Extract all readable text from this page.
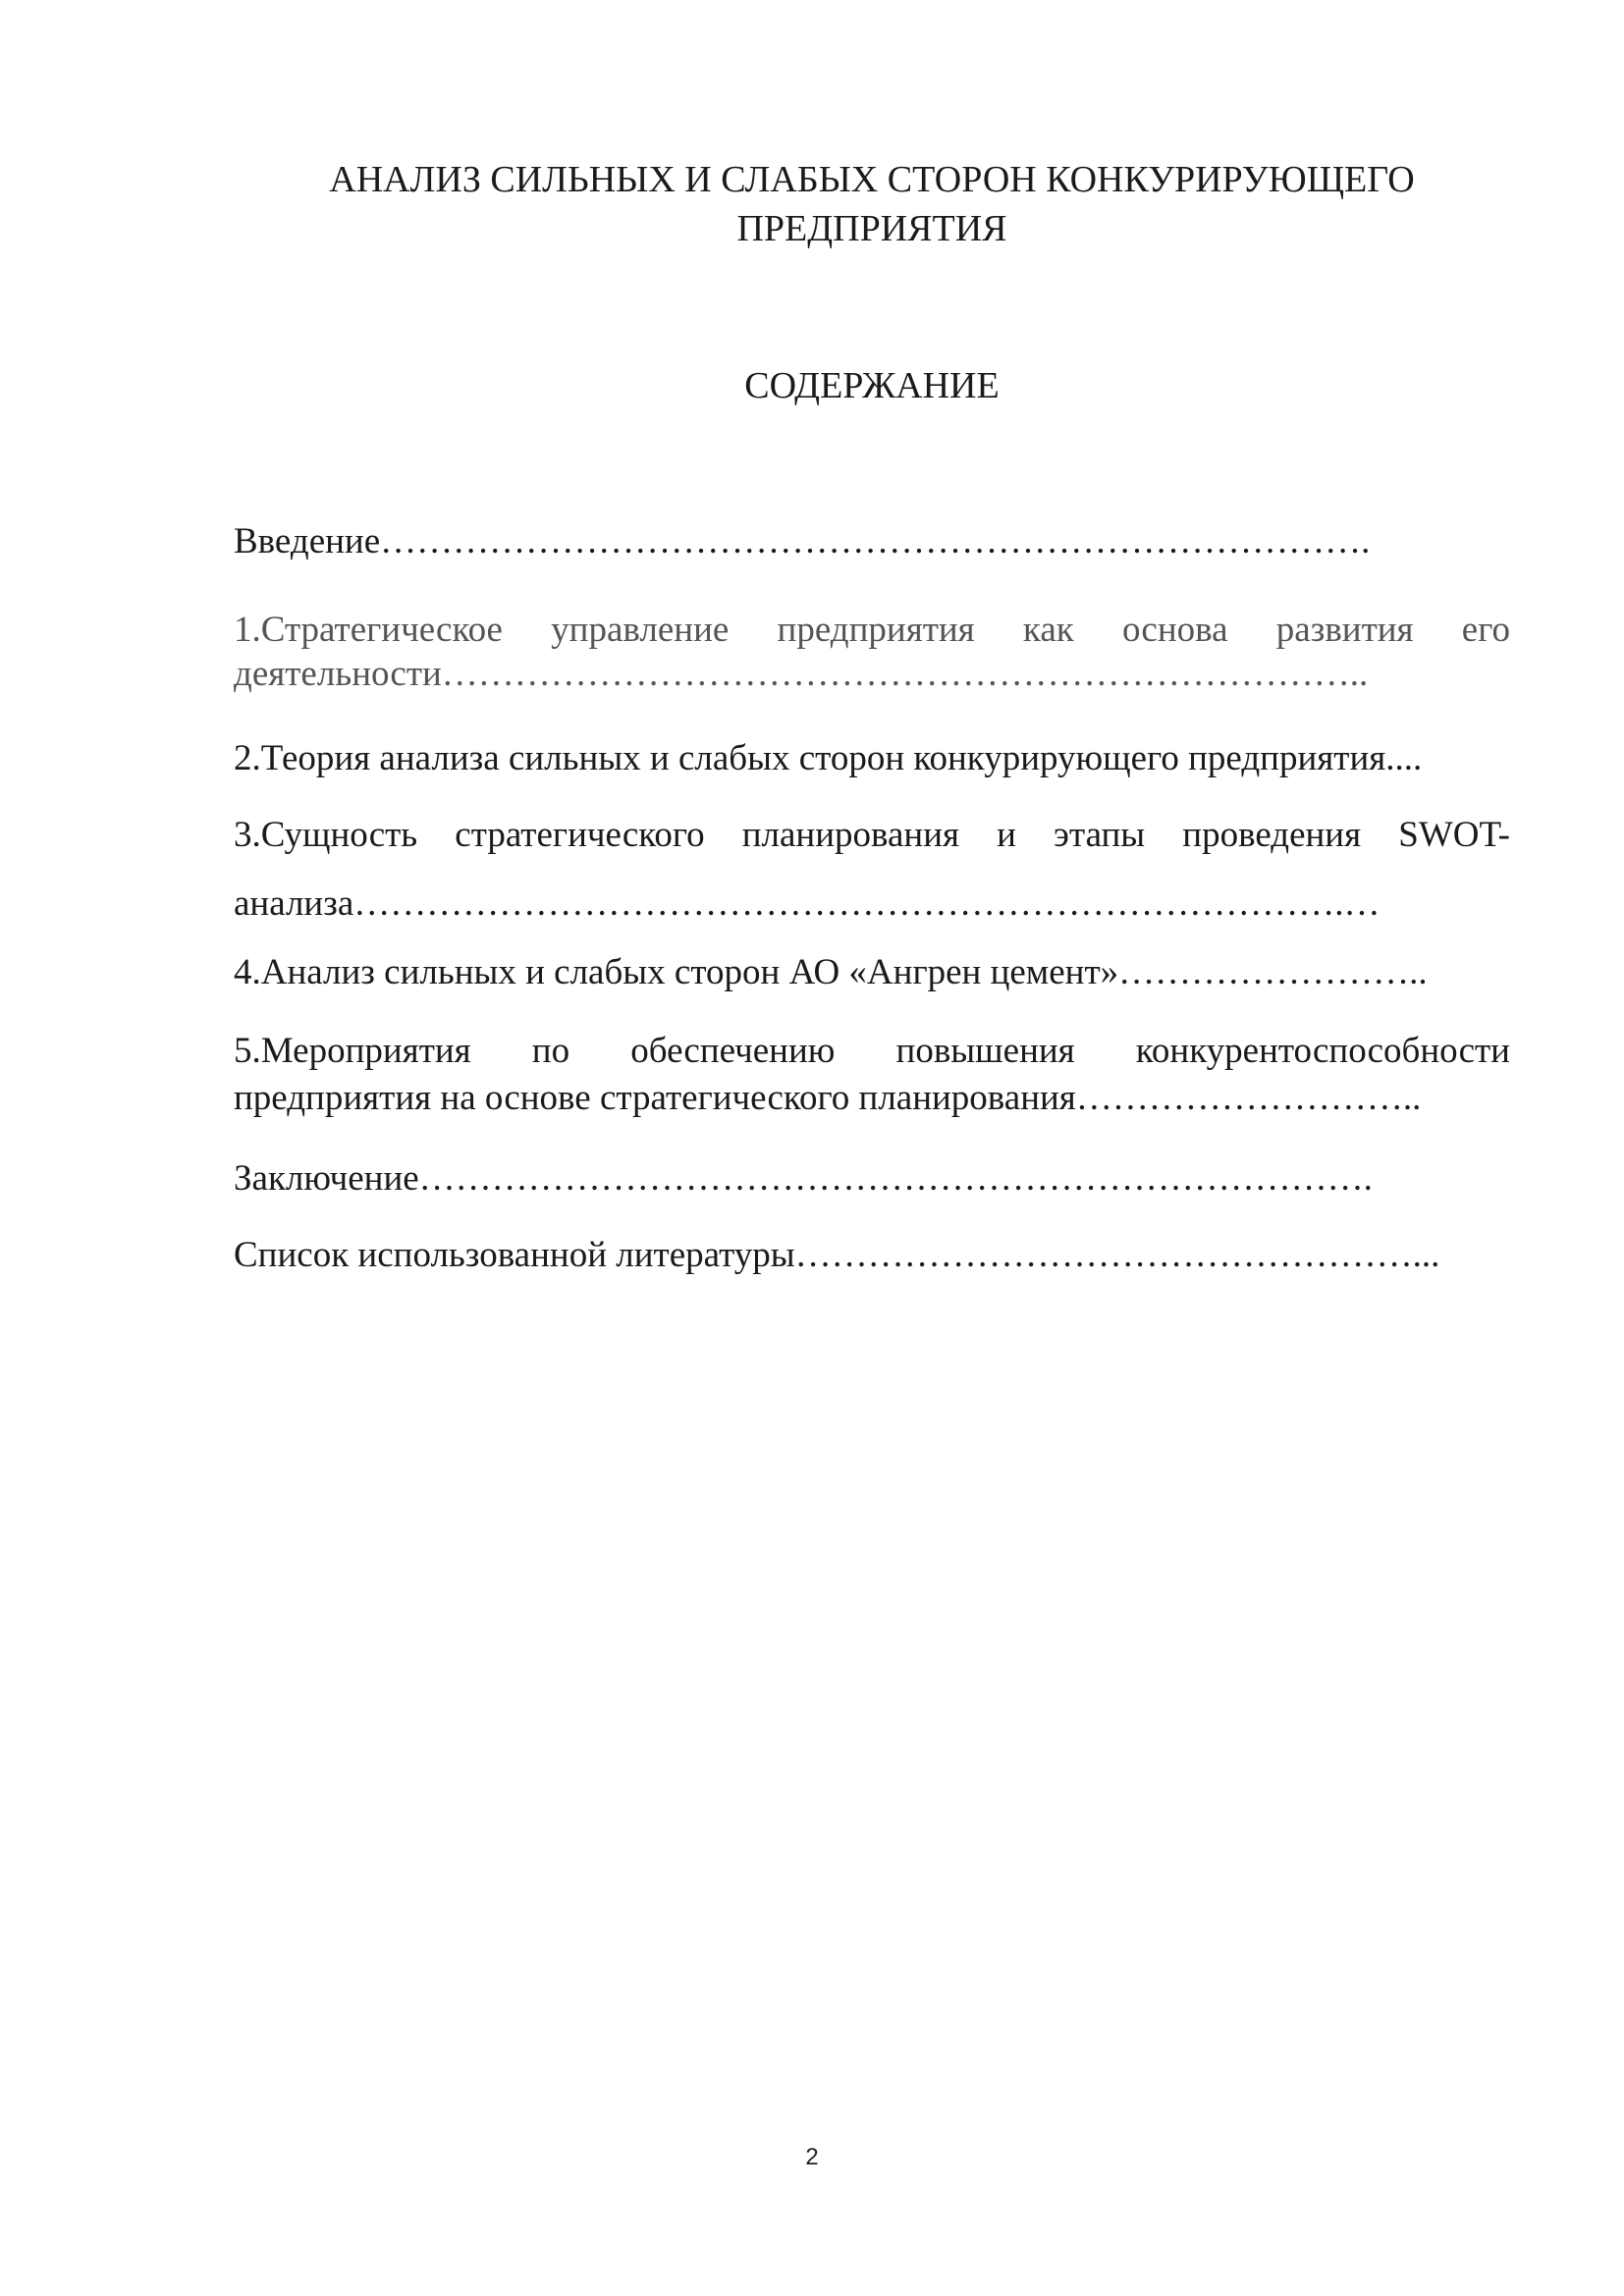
АНАЛИЗ СИЛЬНЫХ И СЛАБЫХ СТОРОН КОНКУРИРУЮЩЕГО
ПРЕДПРИЯТИЯ
СОДЕРЖАНИЕ

Введение……………………………………………………………………….

1.Стратегическое управление предприятия как основа развития его

деятельности…………………………………………………………………..

2.Теория анализа сильных и слабых сторон конкурирующего предприятия....

3.Сущность стратегического планирования и этапы проведения SWOT-

анализа……………………………………………………………………….…

4.Анализ сильных и слабых сторон АО «Ангрен цемент»……………………..

5.Мероприятия по обеспечению повышения конкурентоспособности

предприятия на основе стратегического планирования………………………..

Заключение…………………………………………………………………….

Список использованной литературы……………………………………………...

2
